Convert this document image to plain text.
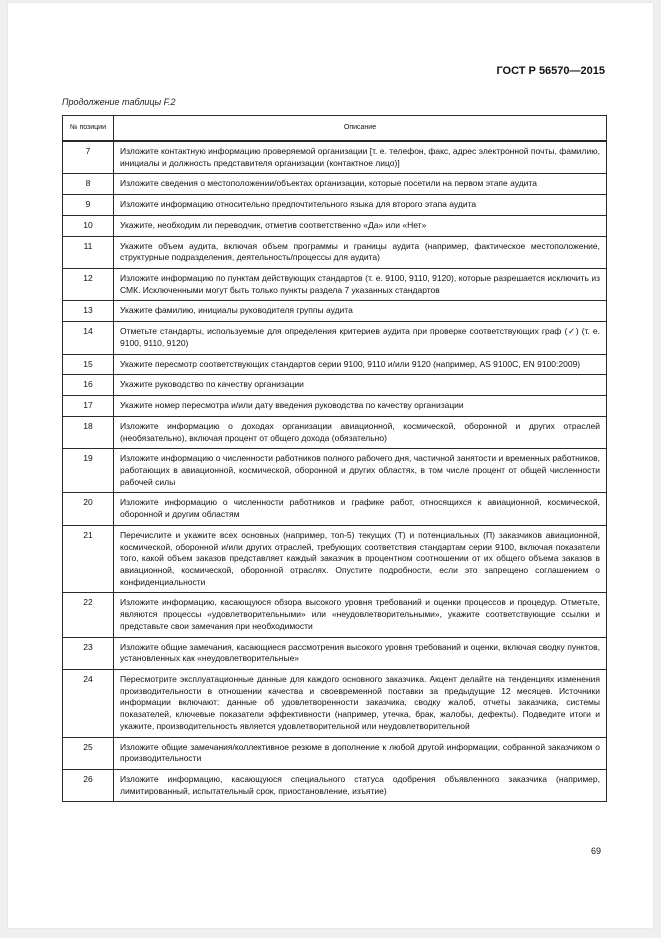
ГОСТ Р 56570—2015
Продолжение таблицы F.2
№ позиции	Описание
7	Изложите контактную информацию проверяемой организации [т. е. телефон, факс, адрес электронной почты, фамилию, инициалы и должность представителя организации (контактное лицо)]
8	Изложите сведения о местоположении/объектах организации, которые посетили на первом этапе аудита
9	Изложите информацию относительно предпочтительного языка для второго этапа аудита
10	Укажите, необходим ли переводчик, отметив соответственно «Да» или «Нет»
11	Укажите объем аудита, включая объем программы и границы аудита (например, фактическое местоположение, структурные подразделения, деятельность/процессы для аудита)
12	Изложите информацию по пунктам действующих стандартов (т. е. 9100, 9110, 9120), которые разрешается исключить из СМК. Исключенными могут быть только пункты раздела 7 указанных стандартов
13	Укажите фамилию, инициалы руководителя группы аудита
14	Отметьте стандарты, используемые для определения критериев аудита при проверке соответствующих граф (✓) (т. е. 9100, 9110, 9120)
15	Укажите пересмотр соответствующих стандартов серии 9100, 9110 и/или 9120 (например, AS 9100C, EN 9100:2009)
16	Укажите руководство по качеству организации
17	Укажите номер пересмотра и/или дату введения руководства по качеству организации
18	Изложите информацию о доходах организации авиационной, космической, оборонной и других отраслей (необязательно), включая процент от общего дохода (обязательно)
19	Изложите информацию о численности работников полного рабочего дня, частичной занятости и временных работников, работающих в авиационной, космической, оборонной и других областях, в том числе процент от общей численности рабочей силы
20	Изложите информацию о численности работников и графике работ, относящихся к авиационной, космической, оборонной и другим областям
21	Перечислите и укажите всех основных (например, топ-5) текущих (Т) и потенциальных (П) заказчиков авиационной, космической, оборонной и/или других отраслей, требующих соответствия стандартам серии 9100, включая показатели того, какой объем заказов представляет каждый заказчик в процентном соотношении от их общего объема заказов в авиационной, космической, оборонной отраслях. Опустите подробности, если это запрещено соглашением о конфиденциальности
22	Изложите информацию, касающуюся обзора высокого уровня требований и оценки процессов и процедур. Отметьте, являются процессы «удовлетворительными» или «неудовлетворительными», укажите соответствующие ссылки и представьте свои замечания при необходимости
23	Изложите общие замечания, касающиеся рассмотрения высокого уровня требований и оценки, включая сводку пунктов, установленных как «неудовлетворительные»
24	Пересмотрите эксплуатационные данные для каждого основного заказчика. Акцент делайте на тенденциях изменения производительности в отношении качества и своевременной поставки за предыдущие 12 месяцев. Источники информации включают: данные об удовлетворенности заказчика, сводку жалоб, отчеты заказчика, системы показателей, ключевые показатели эффективности (например, утечка, брак, жалобы, дефекты). Подведите итоги и укажите, производительность является удовлетворительной или неудовлетворительной
25	Изложите общие замечания/коллективное резюме в дополнение к любой другой информации, собранной заказчиком о производительности
26	Изложите информацию, касающуюся специального статуса одобрения объявленного заказчика (например, лимитированный, испытательный срок, приостановление, изъятие)
69
